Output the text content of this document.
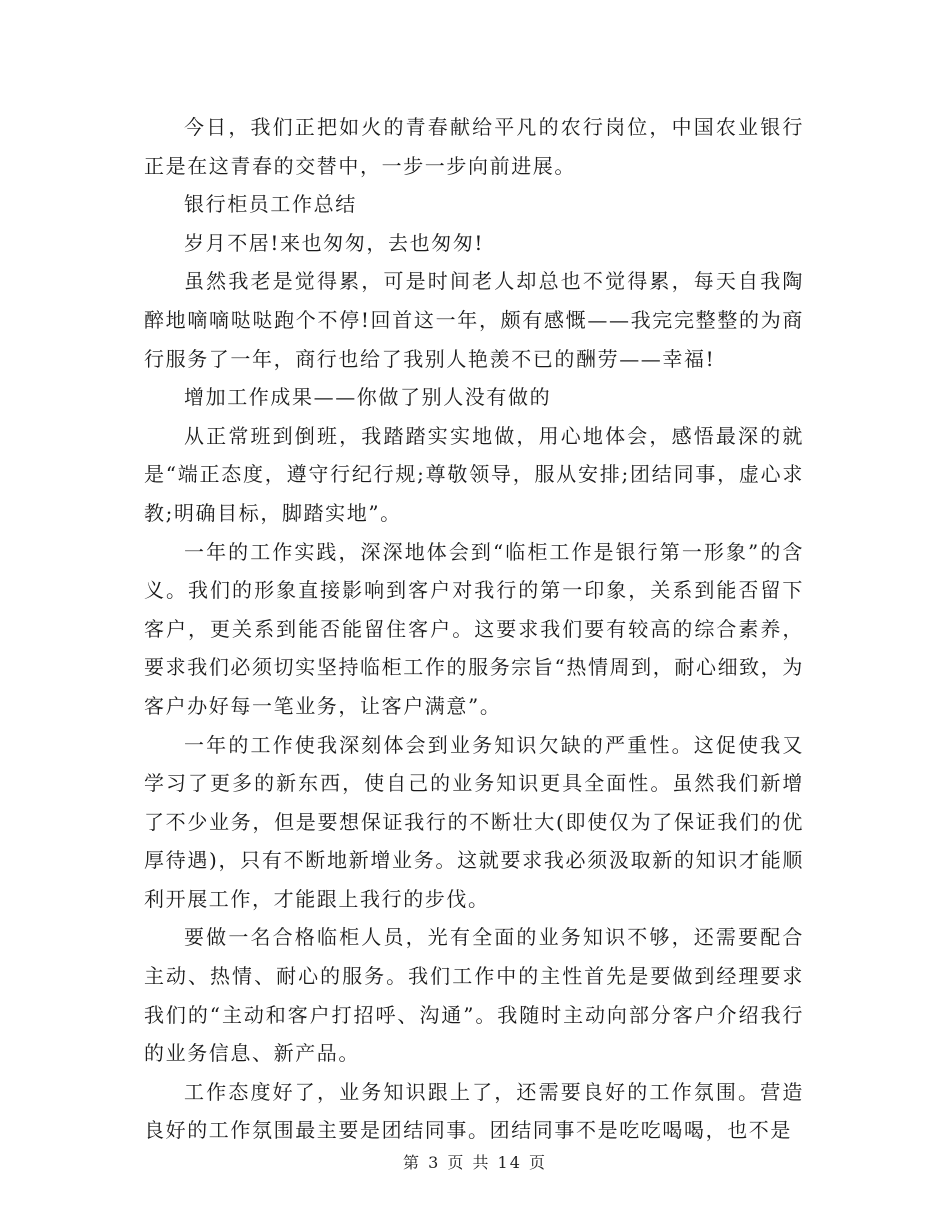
今日，我们正把如火的青春献给平凡的农行岗位，中国农业银行正是在这青春的交替中，一步一步向前进展。

银行柜员工作总结

岁月不居!来也匆匆，去也匆匆!

虽然我老是觉得累，可是时间老人却总也不觉得累，每天自我陶醉地嘀嘀哒哒跑个不停!回首这一年，颇有感慨——我完完整整的为商行服务了一年，商行也给了我别人艳羡不已的酬劳——幸福!

增加工作成果——你做了别人没有做的

从正常班到倒班，我踏踏实实地做，用心地体会，感悟最深的就是“端正态度，遵守行纪行规;尊敬领导，服从安排;团结同事，虚心求教;明确目标，脚踏实地”。

一年的工作实践，深深地体会到“临柜工作是银行第一形象”的含义。我们的形象直接影响到客户对我行的第一印象，关系到能否留下客户，更关系到能否能留住客户。这要求我们要有较高的综合素养，要求我们必须切实坚持临柜工作的服务宗旨“热情周到，耐心细致，为客户办好每一笔业务，让客户满意”。

一年的工作使我深刻体会到业务知识欠缺的严重性。这促使我又学习了更多的新东西，使自己的业务知识更具全面性。虽然我们新增了不少业务，但是要想保证我行的不断壮大(即使仅为了保证我们的优厚待遇)，只有不断地新增业务。这就要求我必须汲取新的知识才能顺利开展工作，才能跟上我行的步伐。

要做一名合格临柜人员，光有全面的业务知识不够，还需要配合主动、热情、耐心的服务。我们工作中的主性首先是要做到经理要求我们的“主动和客户打招呼、沟通”。我随时主动向部分客户介绍我行的业务信息、新产品。

工作态度好了，业务知识跟上了，还需要良好的工作氛围。营造良好的工作氛围最主要是团结同事。团结同事不是吃吃喝喝，也不是

第 3 页 共 14 页
